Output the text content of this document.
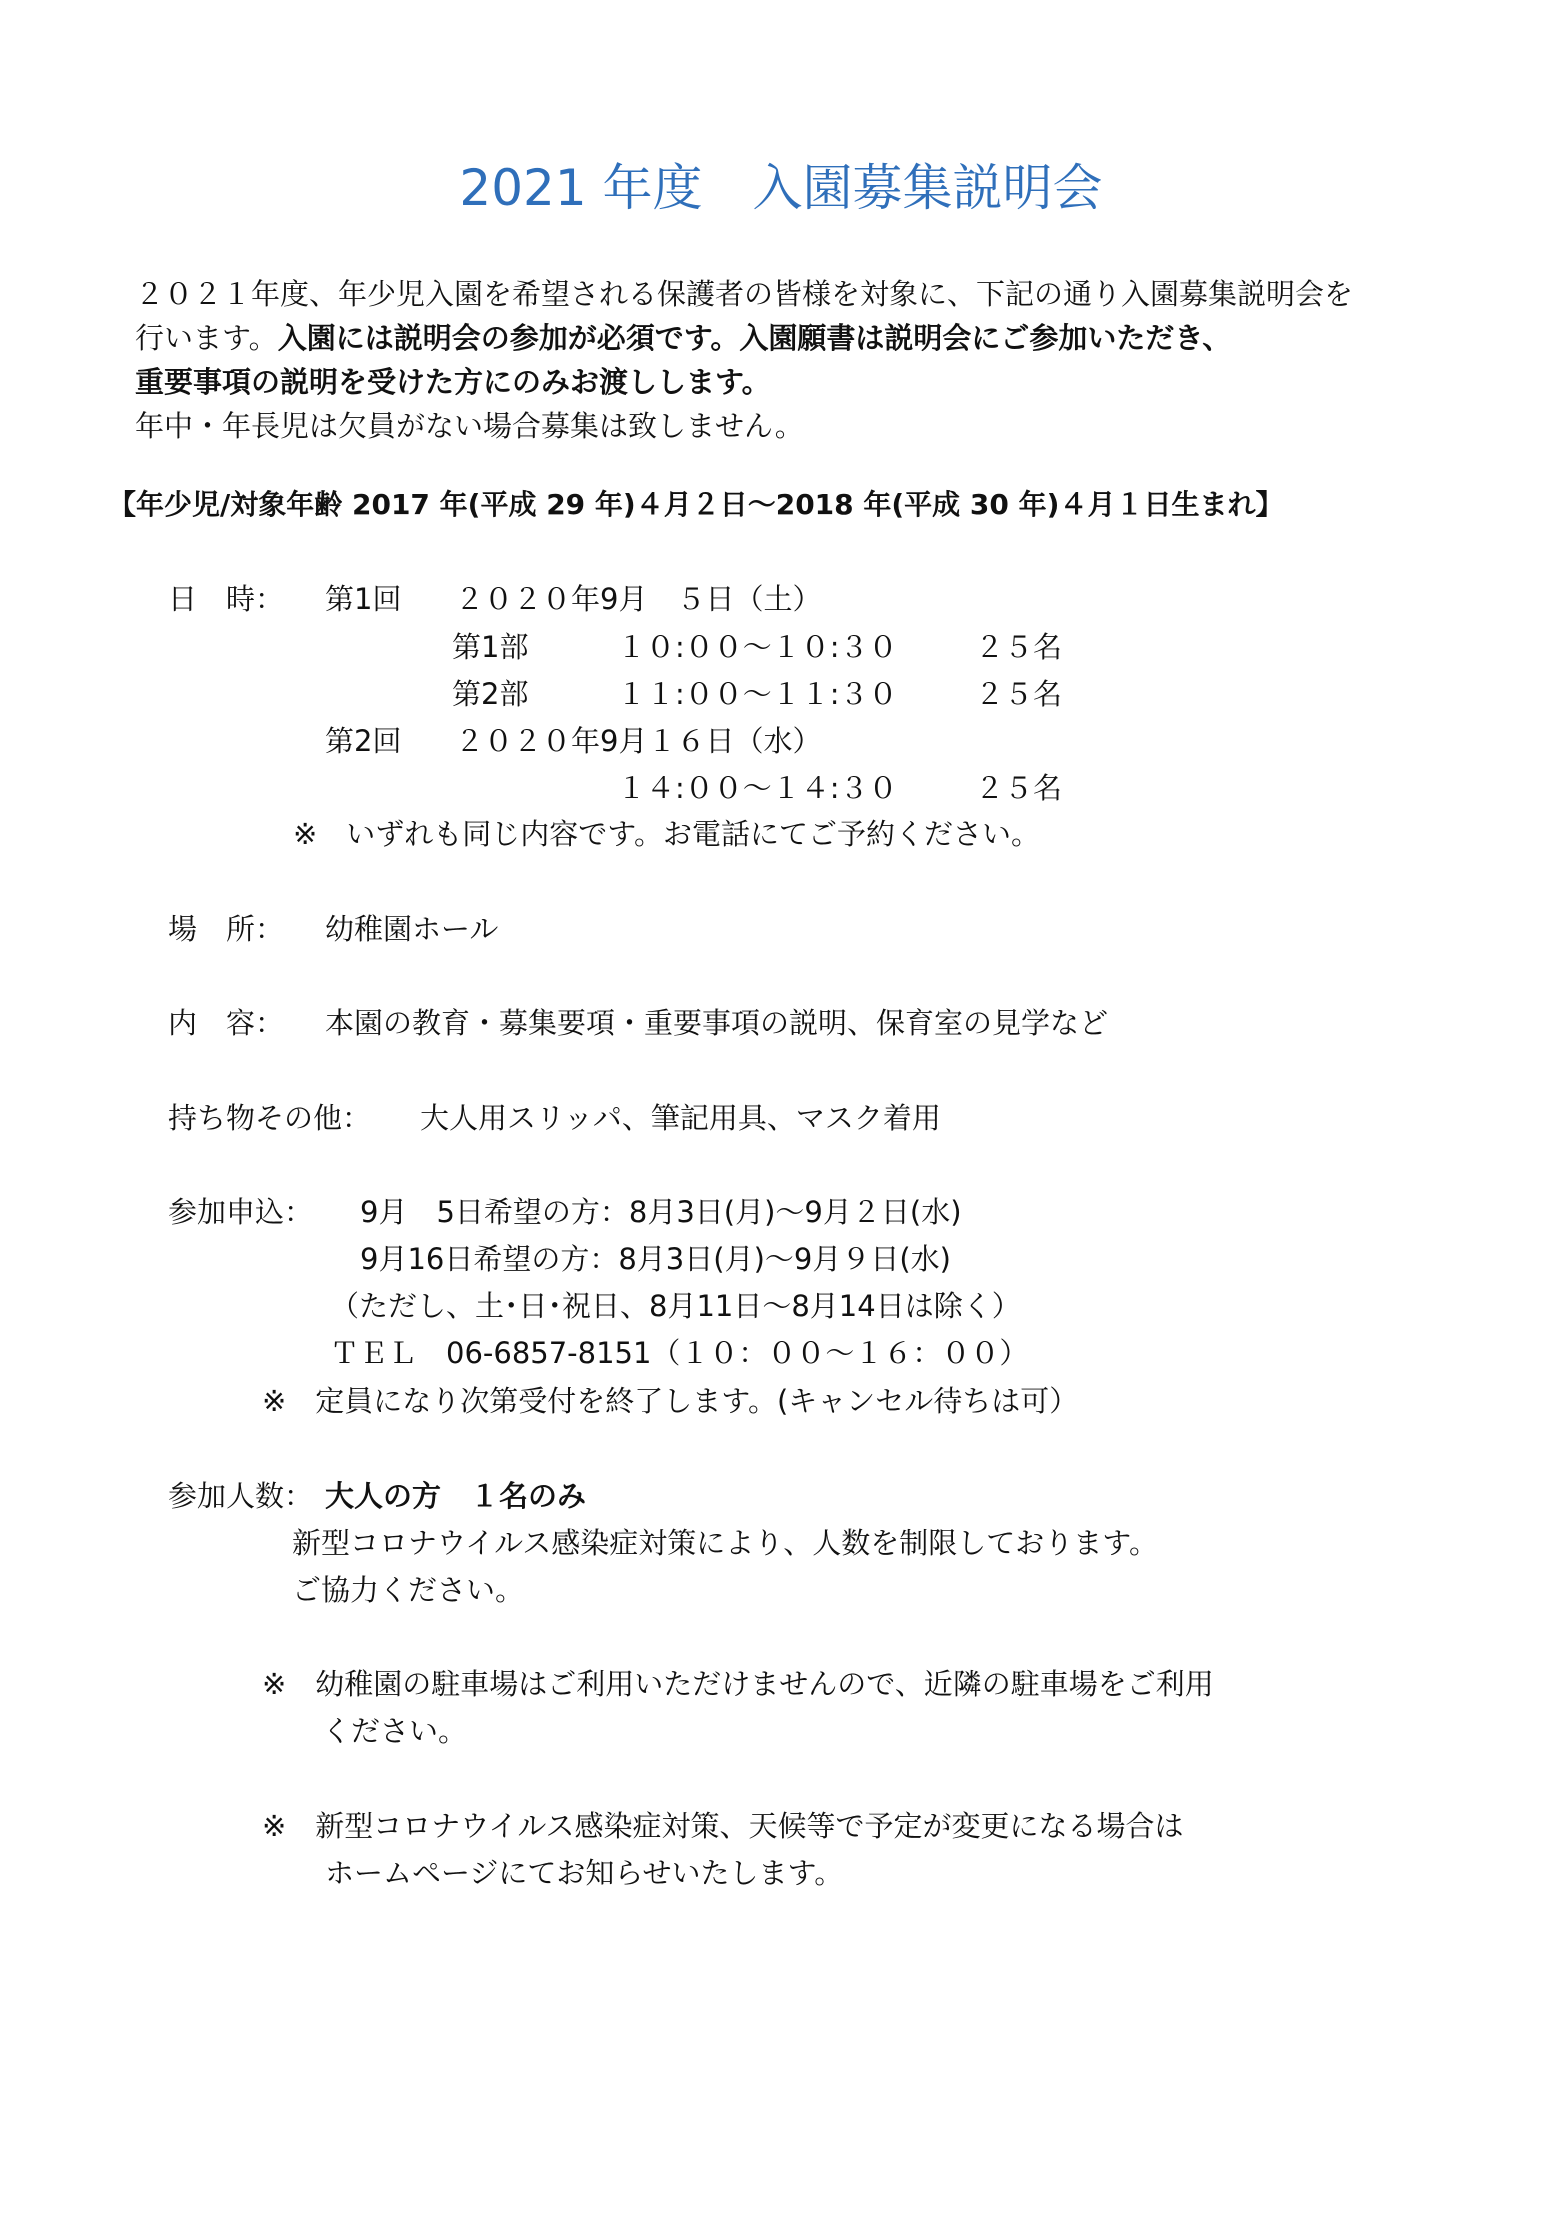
2021 年度　入園募集説明会
２０２１年度、年少児入園を希望される保護者の皆様を対象に、下記の通り入園募集説明会を
行います。入園には説明会の参加が必須です。入園願書は説明会にご参加いただき、
重要事項の説明を受けた方にのみお渡しします。
年中・年長児は欠員がない場合募集は致しません。
【年少児/対象年齢 2017 年(平成 29 年)４月２日～2018 年(平成 30 年)４月１日生まれ】
日　時： 第1回 ２０２０年9月　５日（土）
第1部	１０:００～１０:３０	２５名
第2部	１１:００～１１:３０	２５名
第2回 ２０２０年9月１６日（水）
１４:００～１４:３０	２５名
※　いずれも同じ内容です。お電話にてご予約ください。
場　所： 幼稚園ホール
内　容： 本園の教育・募集要項・重要事項の説明、保育室の見学など
持ち物その他： 大人用スリッパ、筆記用具、マスク着用
参加申込： 9月　5日希望の方：8月3日(月)～9月２日(水)
9月16日希望の方：8月3日(月)～9月９日(水)
（ただし、土･日･祝日、8月11日～8月14日は除く）
ＴＥＬ　06-6857-8151（１０：００～１６：００）
※　定員になり次第受付を終了します。(キャンセル待ちは可）
参加人数： 大人の方　１名のみ
新型コロナウイルス感染症対策により、人数を制限しております。
ご協力ください。
※　幼稚園の駐車場はご利用いただけませんので、近隣の駐車場をご利用
ください。
※　新型コロナウイルス感染症対策、天候等で予定が変更になる場合は
ホームページにてお知らせいたします。
